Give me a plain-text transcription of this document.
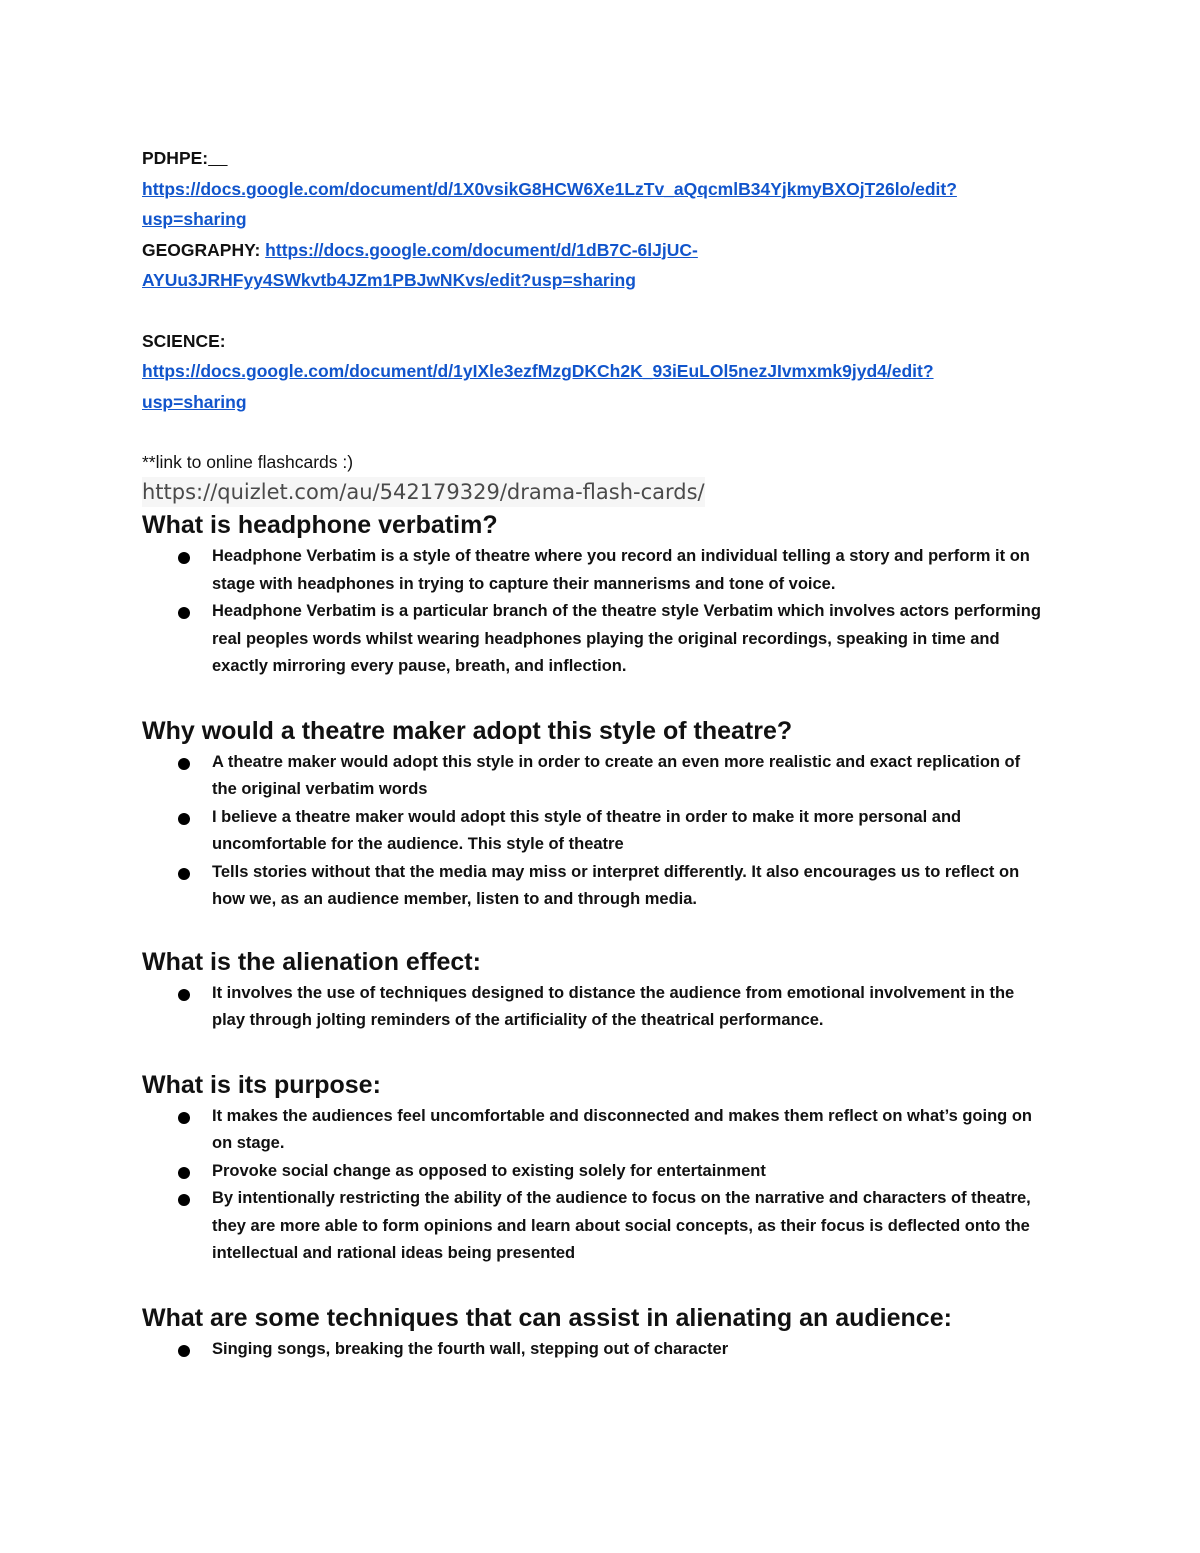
PDHPE:
https://docs.google.com/document/d/1X0vsikG8HCW6Xe1LzTv_aQqcmlB34YjkmyBXOjT26lo/edit?
usp=sharing
GEOGRAPHY: https://docs.google.com/document/d/1dB7C-6lJjUC-
AYUu3JRHFyy4SWkvtb4JZm1PBJwNKvs/edit?usp=sharing
SCIENCE:
https://docs.google.com/document/d/1yIXle3ezfMzgDKCh2K_93iEuLOl5nezJIvmxmk9jyd4/edit?
usp=sharing
**link to online flashcards :)
https://quizlet.com/au/542179329/drama-flash-cards/
What is headphone verbatim?
Headphone Verbatim is a style of theatre where you record an individual telling a story and perform it on
stage with headphones in trying to capture their mannerisms and tone of voice.
Headphone Verbatim is a particular branch of the theatre style Verbatim which involves actors performing
real peoples words whilst wearing headphones playing the original recordings, speaking in time and
exactly mirroring every pause, breath, and inflection.
Why would a theatre maker adopt this style of theatre?
A theatre maker would adopt this style in order to create an even more realistic and exact replication of
the original verbatim words
I believe a theatre maker would adopt this style of theatre in order to make it more personal and
uncomfortable for the audience. This style of theatre
Tells stories without that the media may miss or interpret differently. It also encourages us to reflect on
how we, as an audience member, listen to and through media.
What is the alienation effect:
It involves the use of techniques designed to distance the audience from emotional involvement in the
play through jolting reminders of the artificiality of the theatrical performance.
What is its purpose:
It makes the audiences feel uncomfortable and disconnected and makes them reflect on what’s going on
on stage.
Provoke social change as opposed to existing solely for entertainment
By intentionally restricting the ability of the audience to focus on the narrative and characters of theatre,
they are more able to form opinions and learn about social concepts, as their focus is deflected onto the
intellectual and rational ideas being presented
What are some techniques that can assist in alienating an audience:
Singing songs, breaking the fourth wall, stepping out of character
